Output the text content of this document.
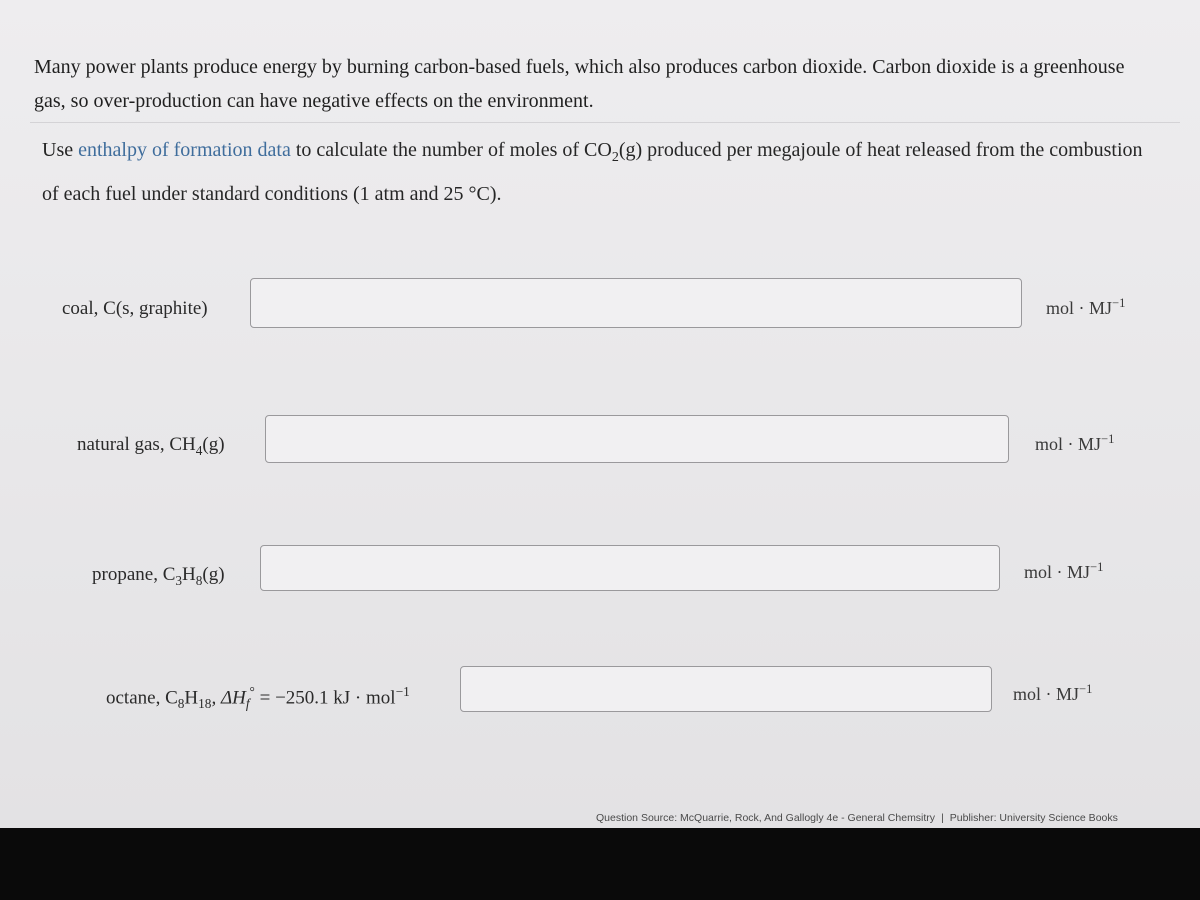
Many power plants produce energy by burning carbon-based fuels, which also produces carbon dioxide. Carbon dioxide is a greenhouse gas, so over-production can have negative effects on the environment.
Use enthalpy of formation data to calculate the number of moles of $CO_2(g)$ produced per megajoule of heat released from the combustion of each fuel under standard conditions (1 atm and 25 °C).
coal, C(s, graphite)	mol · $MJ^{-1}$
natural gas, $CH_4(g)$	mol · $MJ^{-1}$
propane, $C_3H_8(g)$	mol · $MJ^{-1}$
octane, $C_8H_{18}$, $\Delta H_f^\circ = -250.1$ kJ · mol$^{-1}$	mol · $MJ^{-1}$
Question Source: McQuarrie, Rock, And Gallogly 4e - General Chemsitry | Publisher: University Science Books
